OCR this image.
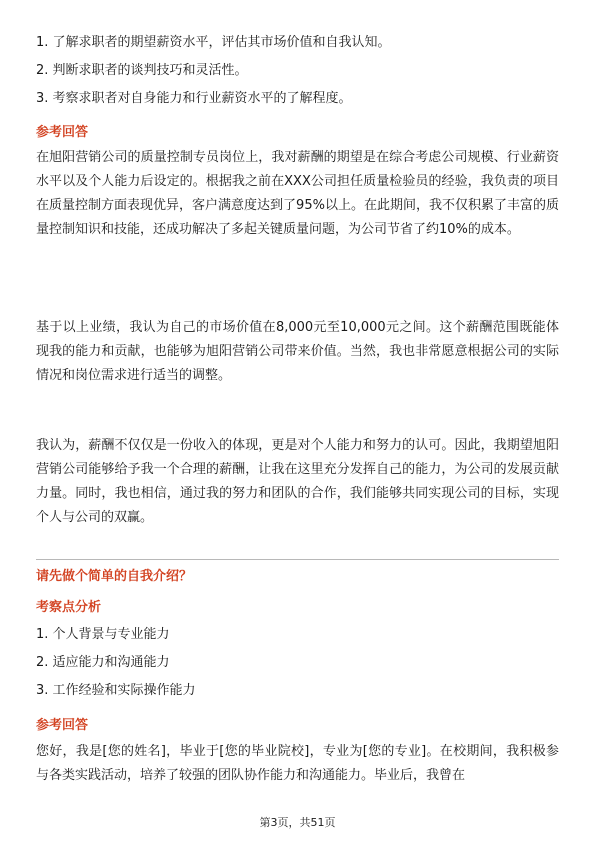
1. 了解求职者的期望薪资水平，评估其市场价值和自我认知。

2. 判断求职者的谈判技巧和灵活性。

3. 考察求职者对自身能力和行业薪资水平的了解程度。

参考回答

在旭阳营销公司的质量控制专员岗位上，我对薪酬的期望是在综合考虑公司规模、行业薪资水平以及个人能力后设定的。根据我之前在XXX公司担任质量检验员的经验，我负责的项目在质量控制方面表现优异，客户满意度达到了95%以上。在此期间，我不仅积累了丰富的质量控制知识和技能，还成功解决了多起关键质量问题，为公司节省了约10%的成本。

基于以上业绩，我认为自己的市场价值在8,000元至10,000元之间。这个薪酬范围既能体现我的能力和贡献，也能够为旭阳营销公司带来价值。当然，我也非常愿意根据公司的实际情况和岗位需求进行适当的调整。

我认为，薪酬不仅仅是一份收入的体现，更是对个人能力和努力的认可。因此，我期望旭阳营销公司能够给予我一个合理的薪酬，让我在这里充分发挥自己的能力，为公司的发展贡献力量。同时，我也相信，通过我的努力和团队的合作，我们能够共同实现公司的目标，实现个人与公司的双赢。

请先做个简单的自我介绍？

考察点分析

1. 个人背景与专业能力

2. 适应能力和沟通能力

3. 工作经验和实际操作能力

参考回答

您好，我是[您的姓名]，毕业于[您的毕业院校]，专业为[您的专业]。在校期间，我积极参与各类实践活动，培养了较强的团队协作能力和沟通能力。毕业后，我曾在

第3页，共51页
